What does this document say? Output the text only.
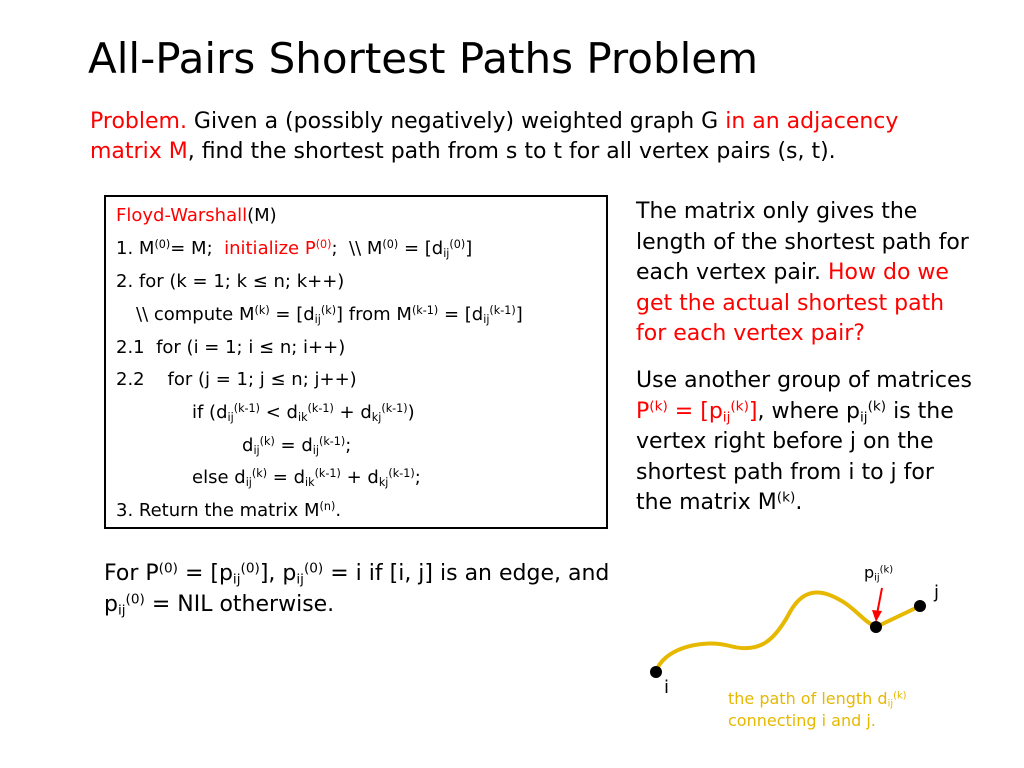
All-Pairs Shortest Paths Problem
Problem. Given a (possibly negatively) weighted graph G in an adjacency matrix M, find the shortest path from s to t for all vertex pairs (s, t).
Floyd-Warshall(M)
1. $M^{(0)}= M$;  initialize $P^{(0)}$;  \\ $M^{(0)} = [d_{ij}^{(0)}]$
2. for (k = 1; k ≤ n; k++)
\\ compute $M^{(k)} = [d_{ij}^{(k)}]$ from $M^{(k-1)} = [d_{ij}^{(k-1)}]$
2.1  for (i = 1; i ≤ n; i++)
2.2    for (j = 1; j ≤ n; j++)
if $(d_{ij}^{(k-1)} < d_{ik}^{(k-1)} + d_{kj}^{(k-1)})$
$d_{ij}^{(k)} = d_{ij}^{(k-1)}$;
else $d_{ij}^{(k)} = d_{ik}^{(k-1)} + d_{kj}^{(k-1)}$;
3. Return the matrix $M^{(n)}$.
The matrix only gives the length of the shortest path for each vertex pair. How do we get the actual shortest path for each vertex pair?
Use another group of matrices $P^{(k)} = [p_{ij}^{(k)}]$, where $p_{ij}^{(k)}$ is the vertex right before j on the shortest path from i to j for the matrix $M^{(k)}$.
For $P^{(0)} = [p_{ij}^{(0)}]$, $p_{ij}^{(0)} = i$ if [i, j] is an edge, and $p_{ij}^{(0)}$ = NIL otherwise.
$p_{ij}^{(k)}$
j
i
the path of length $d_{ij}^{(k)}$
connecting i and j.
